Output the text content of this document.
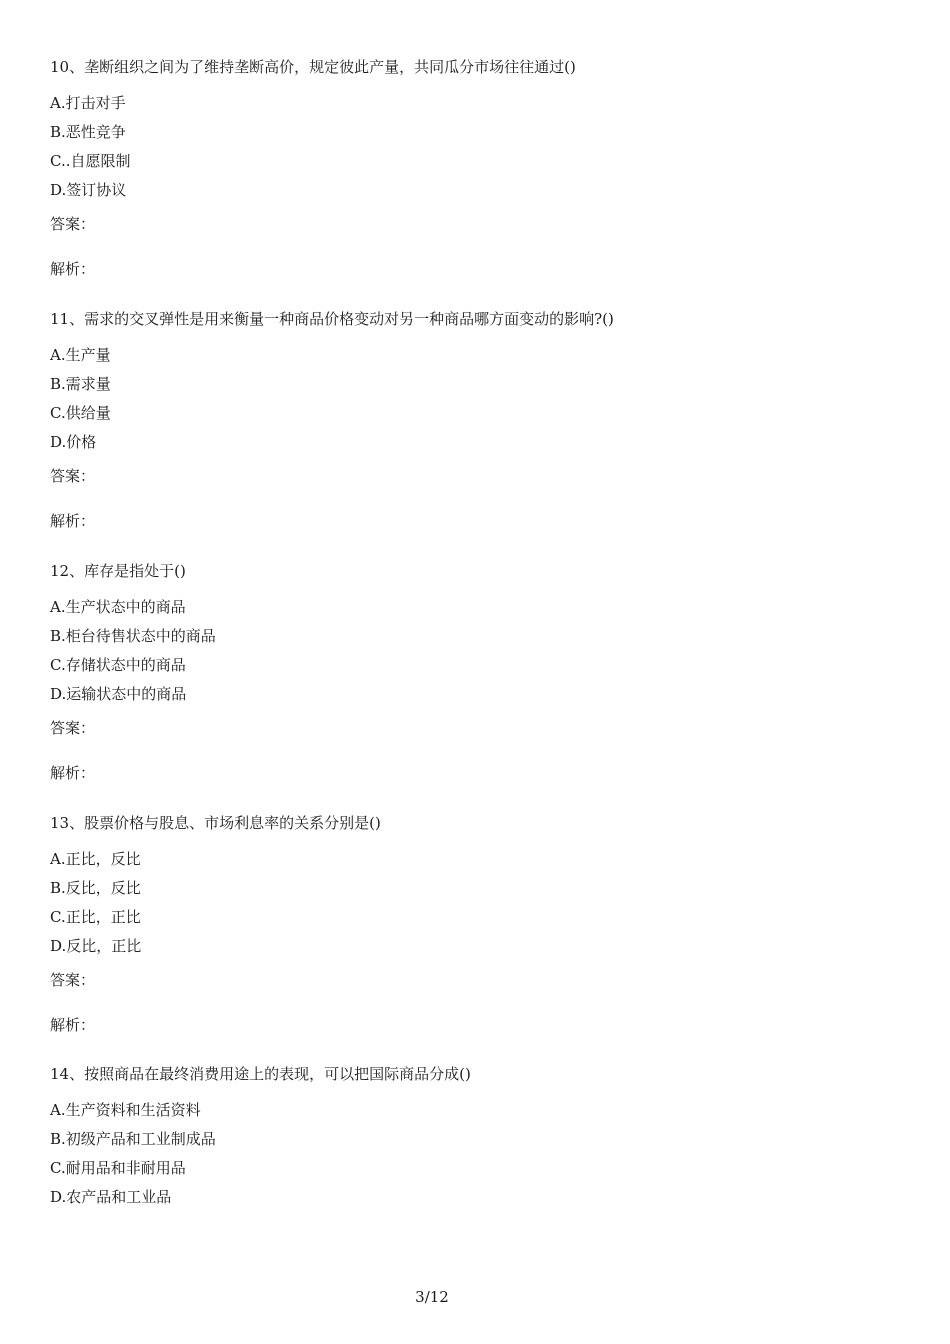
10、垄断组织之间为了维持垄断高价，规定彼此产量，共同瓜分市场往往通过()
A.打击对手
B.恶性竞争
C..自愿限制
D.签订协议
答案：
解析：
11、需求的交叉弹性是用来衡量一种商品价格变动对另一种商品哪方面变动的影响?()
A.生产量
B.需求量
C.供给量
D.价格
答案：
解析：
12、库存是指处于()
A.生产状态中的商品
B.柜台待售状态中的商品
C.存储状态中的商品
D.运输状态中的商品
答案：
解析：
13、股票价格与股息、市场利息率的关系分别是()
A.正比，反比
B.反比，反比
C.正比，正比
D.反比，正比
答案：
解析：
14、按照商品在最终消费用途上的表现，可以把国际商品分成()
A.生产资料和生活资料
B.初级产品和工业制成品
C.耐用品和非耐用品
D.农产品和工业品
3/12
